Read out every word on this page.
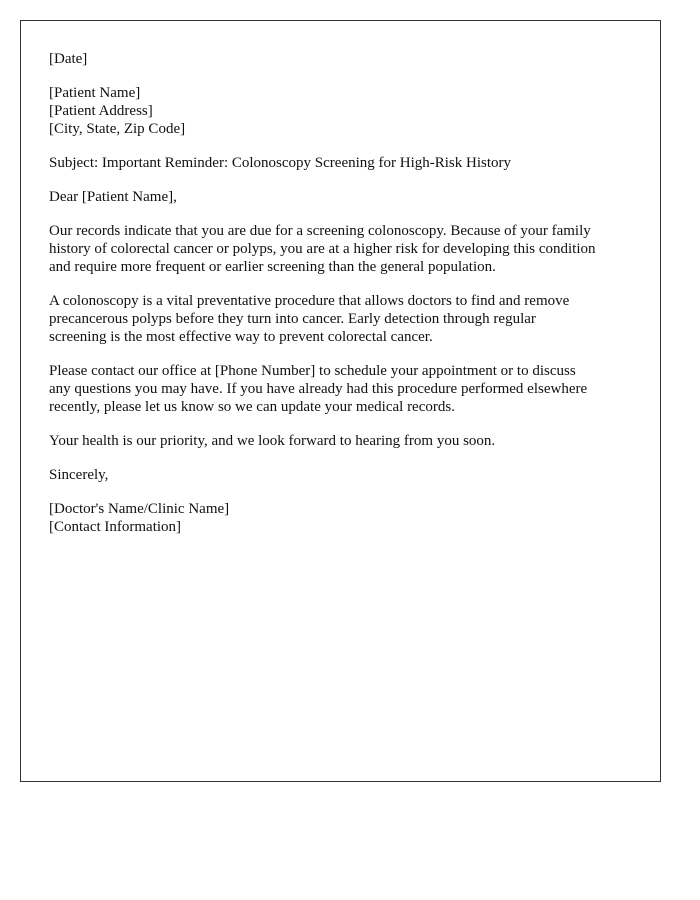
[Date]

[Patient Name]
[Patient Address]
[City, State, Zip Code]

Subject: Important Reminder: Colonoscopy Screening for High-Risk History

Dear [Patient Name],

Our records indicate that you are due for a screening colonoscopy. Because of your family
history of colorectal cancer or polyps, you are at a higher risk for developing this condition
and require more frequent or earlier screening than the general population.

A colonoscopy is a vital preventative procedure that allows doctors to find and remove
precancerous polyps before they turn into cancer. Early detection through regular
screening is the most effective way to prevent colorectal cancer.

Please contact our office at [Phone Number] to schedule your appointment or to discuss
any questions you may have. If you have already had this procedure performed elsewhere
recently, please let us know so we can update your medical records.

Your health is our priority, and we look forward to hearing from you soon.

Sincerely,

[Doctor's Name/Clinic Name]
[Contact Information]
